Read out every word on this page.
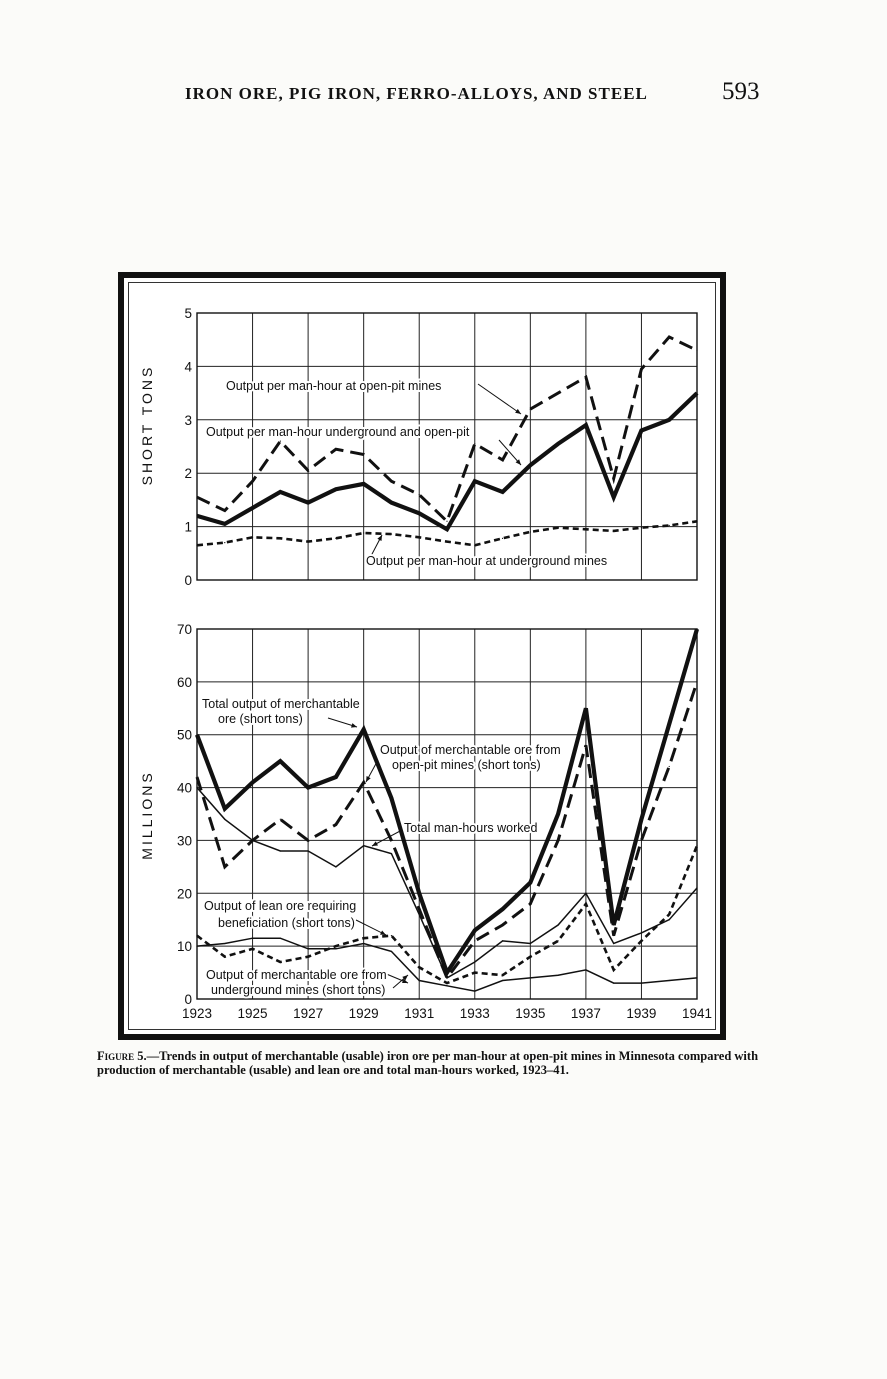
IRON ORE, PIG IRON, FERRO-ALLOYS, AND STEEL	593
0
1
2
3
4
5
SHORT TONS	Output per man-hour at open-pit mines
Output per man-hour underground and open-pit
Output per man-hour at underground mines
0
10
20
30
40
50
60
70
1923 1925 1927 1929 1931 1933 1935 1937 1939 1941
MILLIONS
Total output of merchantable
ore (short tons)
Output of merchantable ore from
open-pit mines (short tons)
Total man-hours worked
Output of lean ore requiring
beneficiation (short tons)
Output of merchantable ore from
underground mines (short tons)
Figure 5.—Trends in output of merchantable (usable) iron ore per man-hour at open-pit mines in Minnesota compared with production of merchantable (usable) and lean ore and total man-hours worked, 1923–41.
